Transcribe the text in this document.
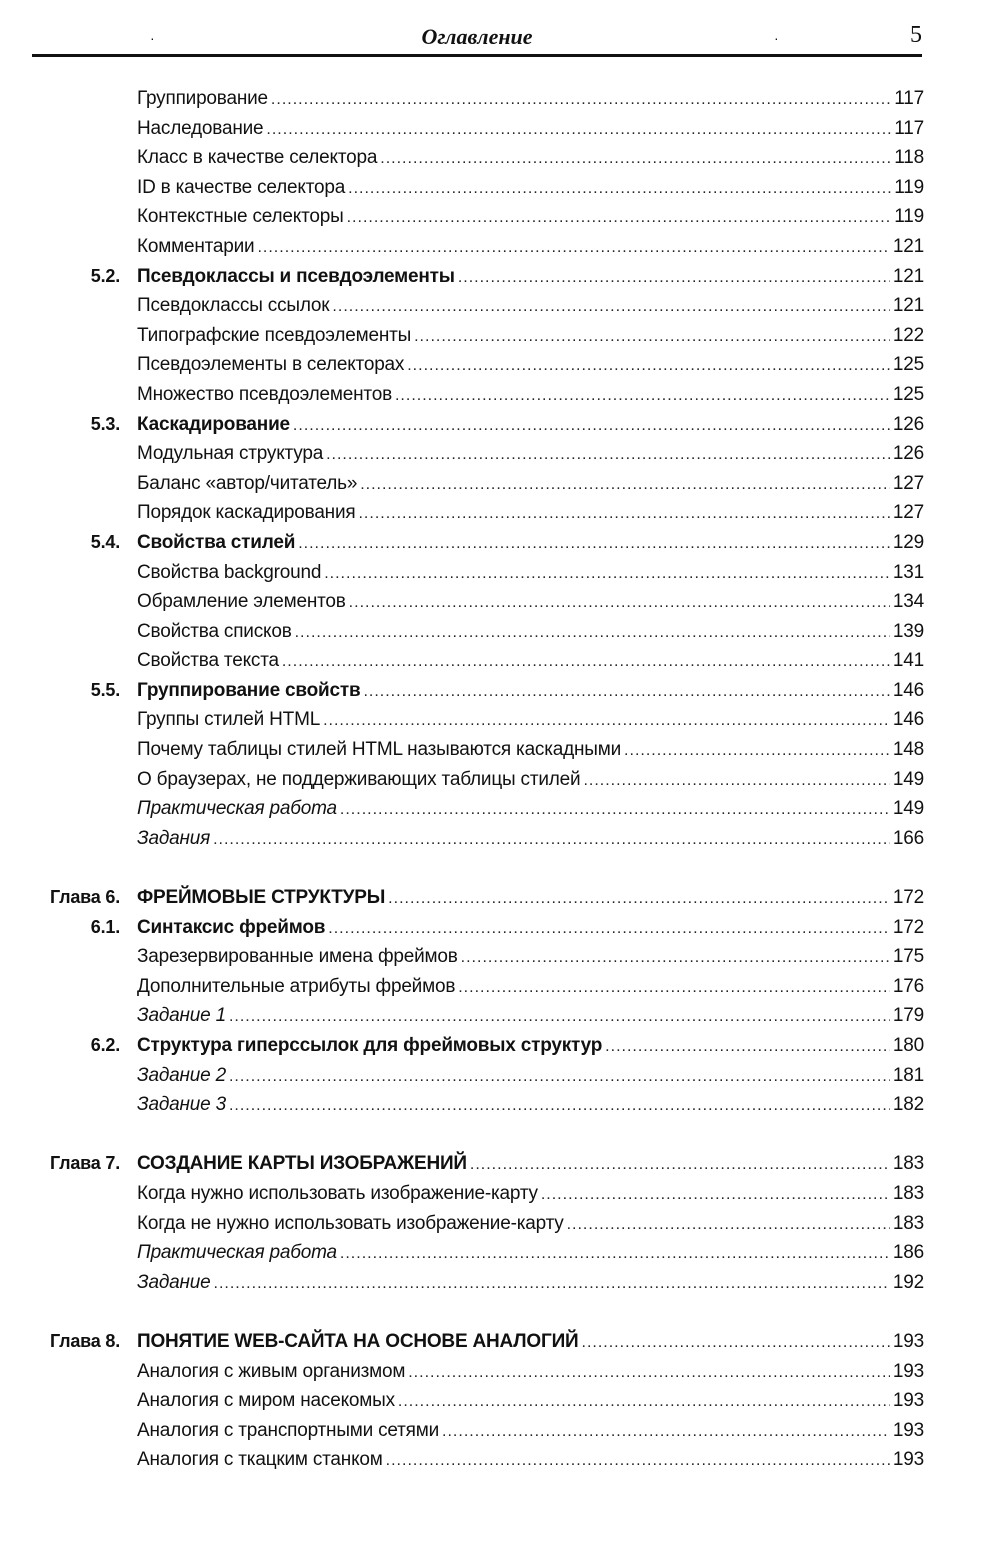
·	Оглавление	·	5
Группирование .....	117
Наследование .....	117
Класс в качестве селектора .....	118
ID в качестве селектора .....	119
Контекстные селекторы .....	119
Комментарии .....	121
5.2. Псевдоклассы и псевдоэлементы .....	121
Псевдоклассы ссылок .....	121
Типографские псевдоэлементы .....	122
Псевдоэлементы в селекторах .....	125
Множество псевдоэлементов .....	125
5.3. Каскадирование .....	126
Модульная структура .....	126
Баланс «автор/читатель» .....	127
Порядок каскадирования .....	127
5.4. Свойства стилей .....	129
Свойства background .....	131
Обрамление элементов .....	134
Свойства списков .....	139
Свойства текста .....	141
5.5. Группирование свойств .....	146
Группы стилей HTML .....	146
Почему таблицы стилей HTML называются каскадными .....	148
О браузерах, не поддерживающих таблицы стилей .....	149
Практическая работа .....	149
Задания .....	166
Глава 6. ФРЕЙМОВЫЕ СТРУКТУРЫ .....	172
6.1. Синтаксис фреймов .....	172
Зарезервированные имена фреймов .....	175
Дополнительные атрибуты фреймов .....	176
Задание 1 .....	179
6.2. Структура гиперссылок для фреймовых структур .....	180
Задание 2 .....	181
Задание 3 .....	182
Глава 7. СОЗДАНИЕ КАРТЫ ИЗОБРАЖЕНИЙ .....	183
Когда нужно использовать изображение-карту .....	183
Когда не нужно использовать изображение-карту .....	183
Практическая работа .....	186
Задание .....	192
Глава 8. ПОНЯТИЕ WEB-САЙТА НА ОСНОВЕ АНАЛОГИЙ .....	193
Аналогия с живым организмом .....	193
Аналогия с миром насекомых .....	193
Аналогия с транспортными сетями .....	193
Аналогия с ткацким станком .....	193
